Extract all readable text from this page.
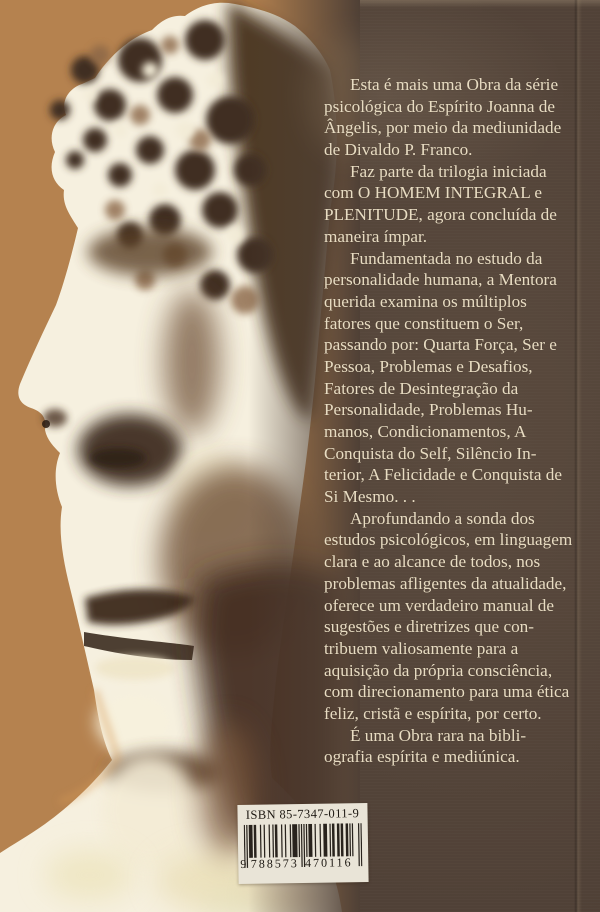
Esta é mais uma Obra da série
psicológica do Espírito Joanna de
Ângelis, por meio da mediunidade
de Divaldo P. Franco.
Faz parte da trilogia iniciada
com O HOMEM INTEGRAL e
PLENITUDE, agora concluída de
maneira ímpar.
Fundamentada no estudo da
personalidade humana, a Mentora
querida examina os múltiplos
fatores que constituem o Ser,
passando por: Quarta Força, Ser e
Pessoa, Problemas e Desafios,
Fatores de Desintegração da
Personalidade, Problemas Hu-
manos, Condicionamentos, A
Conquista do Self, Silêncio In-
terior, A Felicidade e Conquista de
Si Mesmo. . .
Aprofundando a sonda dos
estudos psicológicos, em linguagem
clara e ao alcance de todos, nos
problemas afligentes da atualidade,
oferece um verdadeiro manual de
sugestões e diretrizes que con-
tribuem valiosamente para a
aquisição da própria consciência,
com direcionamento para uma ética
feliz, cristã e espírita, por certo.
É uma Obra rara na bibli-
ografia espírita e mediúnica.
ISBN 85-7347-011-9
9 788573 470116
